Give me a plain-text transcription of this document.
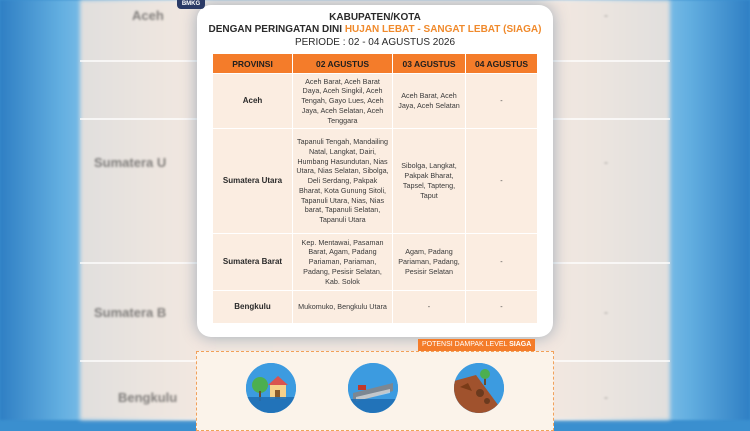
Aceh
Sumatera U
Sumatera B
Bengkulu
-
-
-
-
BMKG
KABUPATEN/KOTA
DENGAN PERINGATAN DINI HUJAN LEBAT - SANGAT LEBAT (SIAGA)
PERIODE : 02 - 04 AGUSTUS 2026
PROVINSI	02 AGUSTUS	03 AGUSTUS	04 AGUSTUS
Aceh	Aceh Barat, Aceh Barat Daya, Aceh Singkil, Aceh Tengah, Gayo Lues, Aceh Jaya, Aceh Selatan, Aceh Tenggara	Aceh Barat, Aceh Jaya, Aceh Selatan	-
Sumatera Utara	Tapanuli Tengah, Mandailing Natal, Langkat, Dairi, Humbang Hasundutan, Nias Utara, Nias Selatan, Sibolga, Deli Serdang, Pakpak Bharat, Kota Gunung Sitoli, Tapanuli Utara, Nias, Nias barat, Tapanuli Selatan, Tapanuli Utara	Sibolga, Langkat, Pakpak Bharat, Tapsel, Tapteng, Taput	-
Sumatera Barat	Kep. Mentawai, Pasaman Barat, Agam, Padang Pariaman, Pariaman, Padang, Pesisir Selatan, Kab. Solok	Agam, Padang Pariaman, Padang, Pesisir Selatan	-
Bengkulu	Mukomuko, Bengkulu Utara	-	-
POTENSI DAMPAK LEVEL SIAGA
